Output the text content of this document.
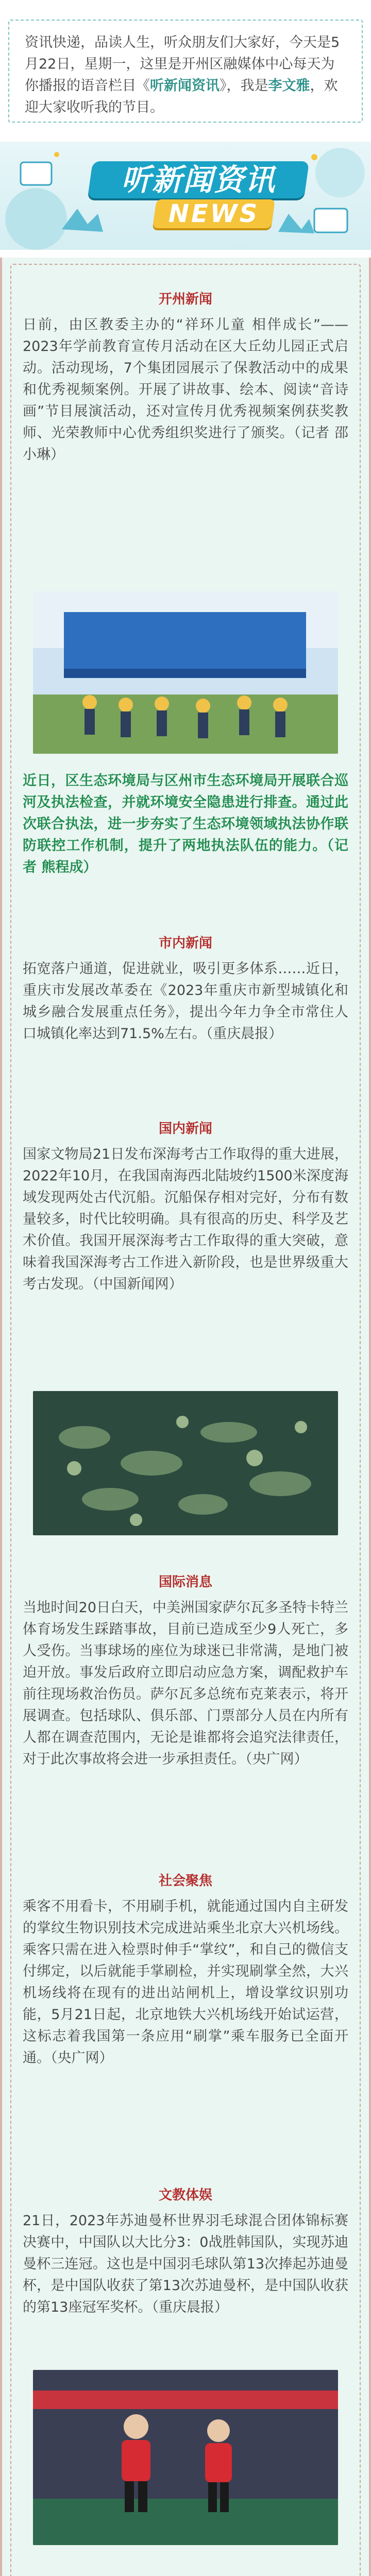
资讯快递，品读人生，听众朋友们大家好，今天是5月22日，星期一，这里是开州区融媒体中心每天为你播报的语音栏目《听新闻资讯》，我是李文雅，欢迎大家收听我的节目。
听新闻资讯
NEWS
开州新闻
日前，由区教委主办的“祥环儿童 相伴成长”——2023年学前教育宣传月活动在区大丘幼儿园正式启动。活动现场，7个集团园展示了保教活动中的成果和优秀视频案例。开展了讲故事、绘本、阅读“音诗画”节目展演活动，还对宣传月优秀视频案例获奖教师、光荣教师中心优秀组织奖进行了颁奖。（记者 邵小琳）
近日，区生态环境局与区州市生态环境局开展联合巡河及执法检查，并就环境安全隐患进行排查。通过此次联合执法，进一步夯实了生态环境领域执法协作联防联控工作机制，提升了两地执法队伍的能力。（记者 熊程成）
市内新闻
拓宽落户通道，促进就业，吸引更多体系……近日，重庆市发展改革委在《2023年重庆市新型城镇化和城乡融合发展重点任务》，提出今年力争全市常住人口城镇化率达到71.5%左右。（重庆晨报）
国内新闻
国家文物局21日发布深海考古工作取得的重大进展，2022年10月，在我国南海西北陆坡约1500米深度海域发现两处古代沉船。沉船保存相对完好，分布有数量较多，时代比较明确。具有很高的历史、科学及艺术价值。我国开展深海考古工作取得的重大突破，意味着我国深海考古工作进入新阶段，也是世界级重大考古发现。（中国新闻网）
国际消息
当地时间20日白天，中美洲国家萨尔瓦多圣特卡特兰体育场发生踩踏事故，目前已造成至少9人死亡，多人受伤。当事球场的座位为球迷已非常满，是地门被迫开放。事发后政府立即启动应急方案，调配救护车前往现场救治伤员。萨尔瓦多总统布克莱表示，将开展调查。包括球队、俱乐部、门票部分人员在内所有人都在调查范围内，无论是谁都将会追究法律责任，对于此次事故将会进一步承担责任。（央广网）
社会聚焦
乘客不用看卡，不用刷手机，就能通过国内自主研发的掌纹生物识别技术完成进站乘坐北京大兴机场线。乘客只需在进入检票时伸手“掌纹”，和自己的微信支付绑定，以后就能手掌刷检，并实现刷掌全然，大兴机场线将在现有的进出站闸机上，增设掌纹识别功能，5月21日起，北京地铁大兴机场线开始试运营，这标志着我国第一条应用“刷掌”乘车服务已全面开通。（央广网）
文教体娱
21日，2023年苏迪曼杯世界羽毛球混合团体锦标赛决赛中，中国队以大比分3：0战胜韩国队，实现苏迪曼杯三连冠。这也是中国羽毛球队第13次捧起苏迪曼杯，是中国队收获了第13次苏迪曼杯，是中国队收获的第13座冠军奖杯。（重庆晨报）
